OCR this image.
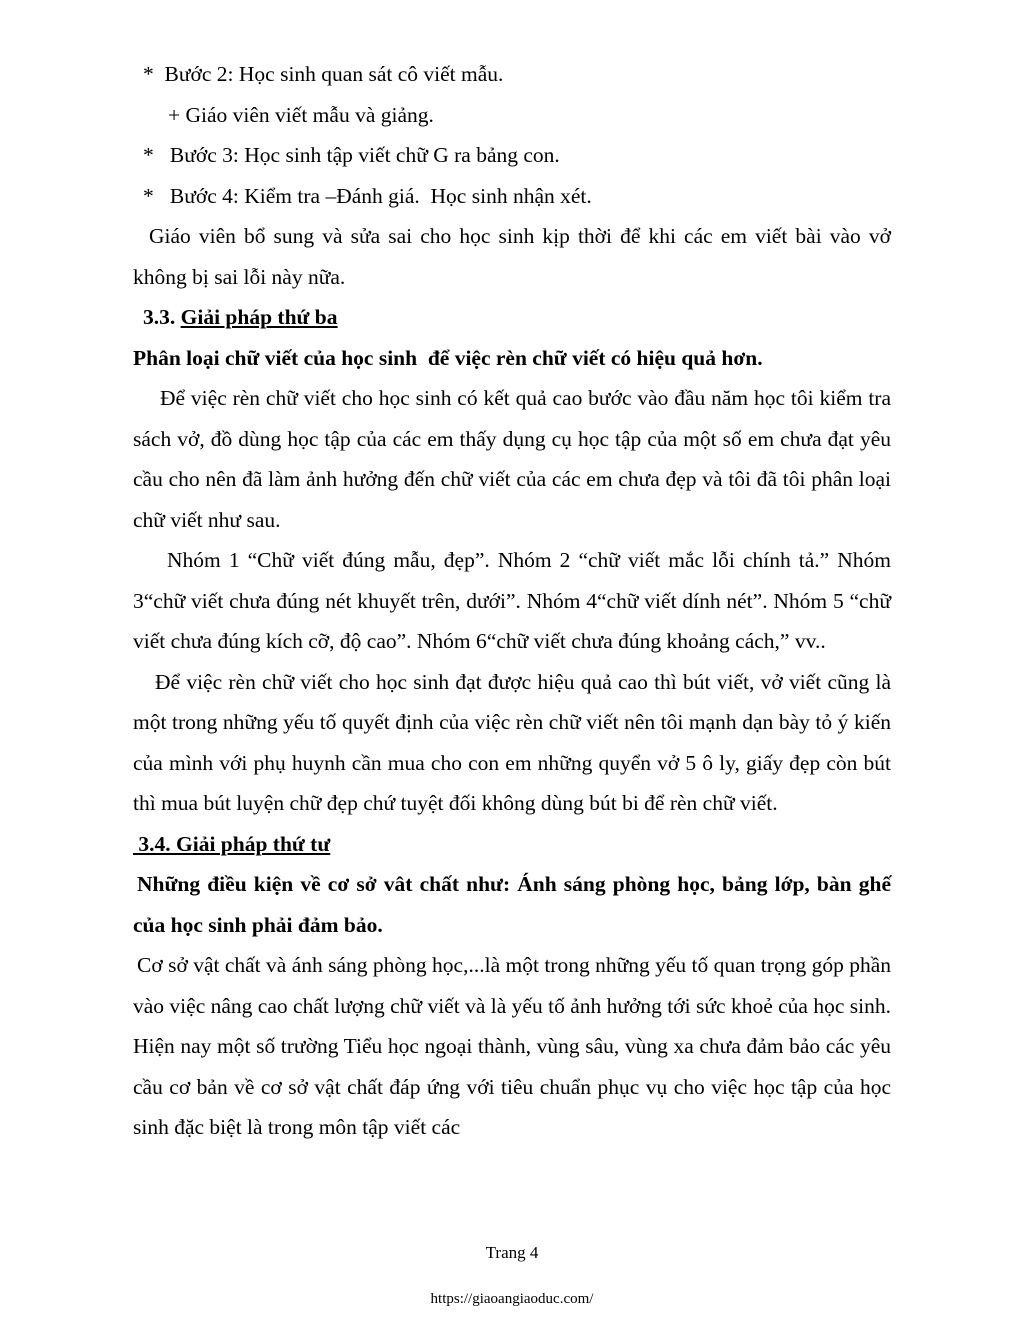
*  Bước 2: Học sinh quan sát cô viết mẫu.
+ Giáo viên viết mẫu và giảng.
*   Bước 3: Học sinh tập viết chữ G ra bảng con.
*   Bước 4: Kiểm tra –Đánh giá.  Học sinh nhận xét.

Giáo viên bổ sung và sửa sai cho học sinh kịp thời để khi các em viết bài vào vở không bị sai lỗi này nữa.

3.3. Giải pháp thứ ba
Phân loại chữ viết của học sinh  để việc rèn chữ viết có hiệu quả hơn.

Để việc rèn chữ viết cho học sinh có kết quả cao bước vào đầu năm học tôi kiểm tra sách vở, đồ dùng học tập của các em thấy dụng cụ học tập của một số em chưa đạt yêu cầu cho nên đã làm ảnh hưởng đến chữ viết của các em chưa đẹp và tôi đã tôi phân loại chữ viết như sau.

Nhóm 1 “Chữ viết đúng mẫu, đẹp”. Nhóm 2 “chữ viết mắc lỗi chính tả.” Nhóm 3“chữ viết chưa đúng nét khuyết trên, dưới”. Nhóm 4“chữ viết dính nét”. Nhóm 5 “chữ viết chưa đúng kích cỡ, độ cao”. Nhóm 6“chữ viết chưa đúng khoảng cách,” vv..

Để việc rèn chữ viết cho học sinh đạt được hiệu quả cao thì bút viết, vở viết cũng là một trong những yếu tố quyết định của việc rèn chữ viết nên tôi mạnh dạn bày tỏ ý kiến của mình với phụ huynh cần mua cho con em những quyển vở 5 ô ly, giấy đẹp còn bút thì mua bút luyện chữ đẹp chứ tuyệt đối không dùng bút bi để rèn chữ viết.

3.4. Giải pháp thứ tư

Những điều kiện về cơ sở vât chất như: Ánh sáng phòng học, bảng lớp, bàn ghế của học sinh phải đảm bảo.

Cơ sở vật chất và ánh sáng phòng học,...là một trong những yếu tố quan trọng góp phần vào việc nâng cao chất lượng chữ viết và là yếu tố ảnh hưởng tới sức khoẻ của học sinh. Hiện nay một số trường Tiểu học ngoại thành, vùng sâu, vùng xa chưa đảm bảo các yêu cầu cơ bản về cơ sở vật chất đáp ứng với tiêu chuẩn phục vụ cho việc học tập của học sinh đặc biệt là trong môn tập viết các

Trang 4
https://giaoangiaoduc.com/
